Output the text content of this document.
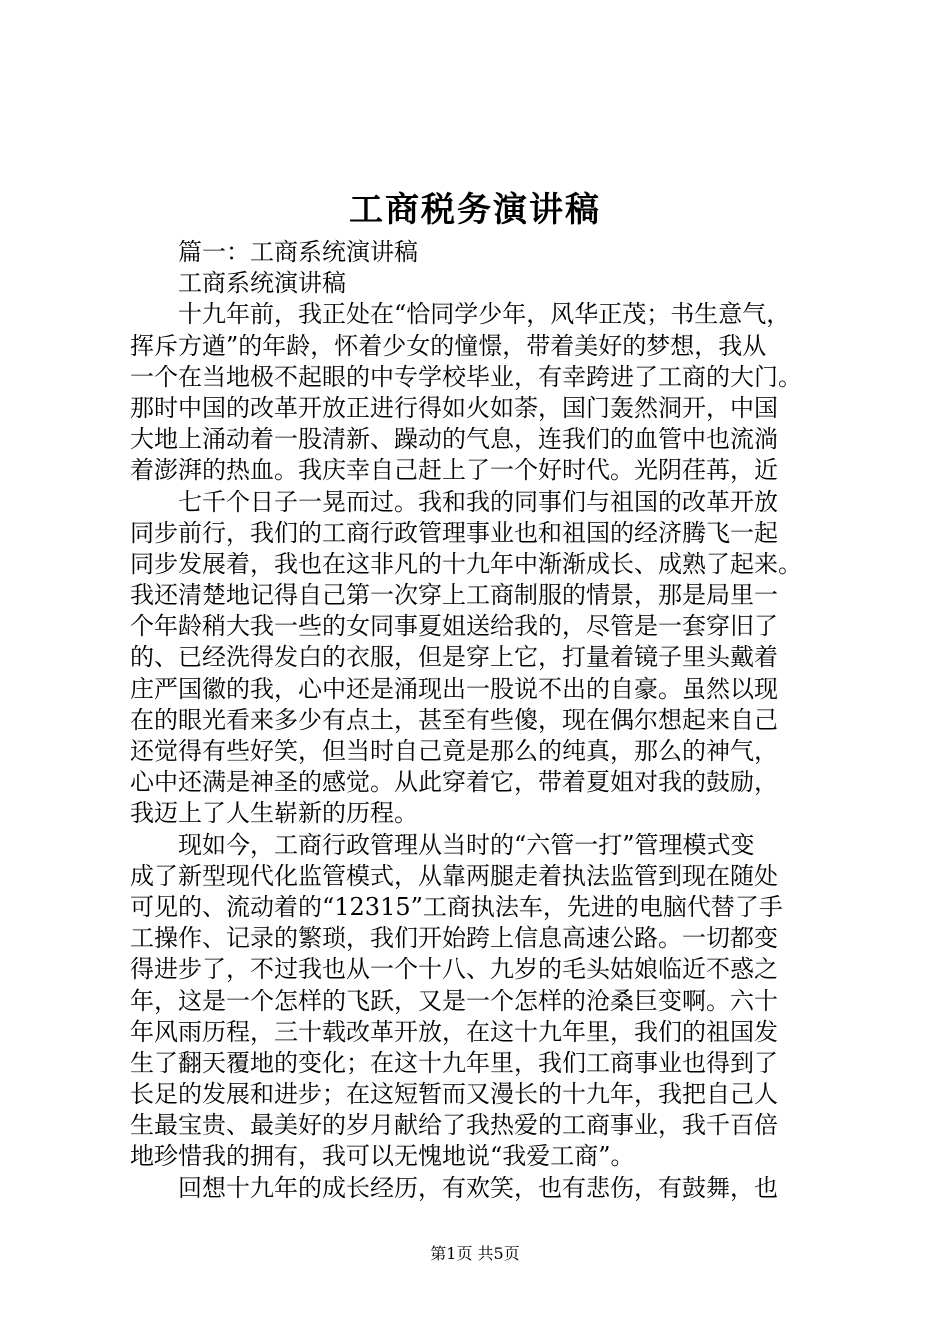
工商税务演讲稿
　　篇一：工商系统演讲稿
　　工商系统演讲稿
　　十九年前，我正处在“恰同学少年，风华正茂；书生意气，
挥斥方遒”的年龄，怀着少女的憧憬，带着美好的梦想，我从
一个在当地极不起眼的中专学校毕业，有幸跨进了工商的大门。
那时中国的改革开放正进行得如火如荼，国门轰然洞开，中国
大地上涌动着一股清新、躁动的气息，连我们的血管中也流淌
着澎湃的热血。我庆幸自己赶上了一个好时代。光阴荏苒，近
　　七千个日子一晃而过。我和我的同事们与祖国的改革开放
同步前行，我们的工商行政管理事业也和祖国的经济腾飞一起
同步发展着，我也在这非凡的十九年中渐渐成长、成熟了起来。
我还清楚地记得自己第一次穿上工商制服的情景，那是局里一
个年龄稍大我一些的女同事夏姐送给我的，尽管是一套穿旧了
的、已经洗得发白的衣服，但是穿上它，打量着镜子里头戴着
庄严国徽的我，心中还是涌现出一股说不出的自豪。虽然以现
在的眼光看来多少有点土，甚至有些傻，现在偶尔想起来自己
还觉得有些好笑，但当时自己竟是那么的纯真，那么的神气，
心中还满是神圣的感觉。从此穿着它，带着夏姐对我的鼓励，
我迈上了人生崭新的历程。
　　现如今，工商行政管理从当时的“六管一打”管理模式变
成了新型现代化监管模式，从靠两腿走着执法监管到现在随处
可见的、流动着的“12315”工商执法车，先进的电脑代替了手
工操作、记录的繁琐，我们开始跨上信息高速公路。一切都变
得进步了，不过我也从一个十八、九岁的毛头姑娘临近不惑之
年，这是一个怎样的飞跃，又是一个怎样的沧桑巨变啊。六十
年风雨历程，三十载改革开放，在这十九年里，我们的祖国发
生了翻天覆地的变化；在这十九年里，我们工商事业也得到了
长足的发展和进步；在这短暂而又漫长的十九年，我把自己人
生最宝贵、最美好的岁月献给了我热爱的工商事业，我千百倍
地珍惜我的拥有，我可以无愧地说“我爱工商”。
　　回想十九年的成长经历，有欢笑，也有悲伤，有鼓舞，也
第1页 共5页
